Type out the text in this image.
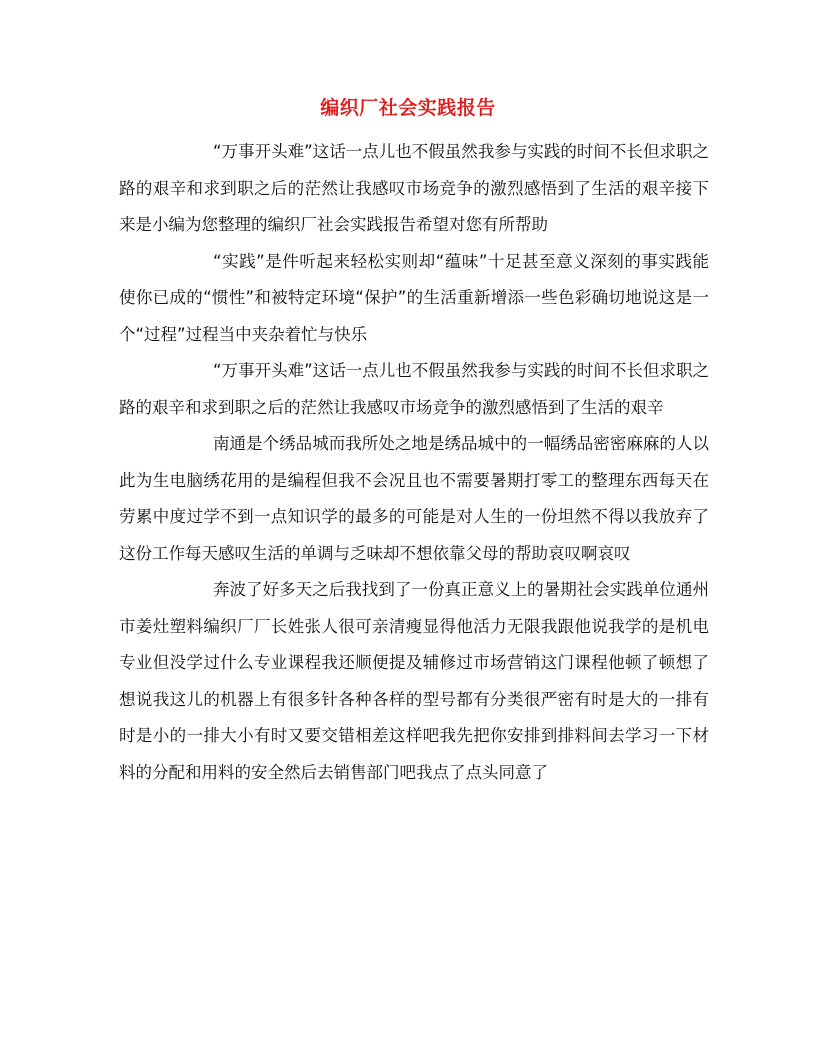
编织厂社会实践报告

“万事开头难”这话一点儿也不假虽然我参与实践的时间不长但求职之路的艰辛和求到职之后的茫然让我感叹市场竞争的激烈感悟到了生活的艰辛接下来是小编为您整理的编织厂社会实践报告希望对您有所帮助

“实践”是件听起来轻松实则却“蕴味”十足甚至意义深刻的事实践能使你已成的“惯性”和被特定环境“保护”的生活重新增添一些色彩确切地说这是一个“过程”过程当中夹杂着忙与快乐

“万事开头难”这话一点儿也不假虽然我参与实践的时间不长但求职之路的艰辛和求到职之后的茫然让我感叹市场竞争的激烈感悟到了生活的艰辛

南通是个绣品城而我所处之地是绣品城中的一幅绣品密密麻麻的人以此为生电脑绣花用的是编程但我不会况且也不需要暑期打零工的整理东西每天在劳累中度过学不到一点知识学的最多的可能是对人生的一份坦然不得以我放弃了这份工作每天感叹生活的单调与乏味却不想依靠父母的帮助哀叹啊哀叹

奔波了好多天之后我找到了一份真正意义上的暑期社会实践单位通州市姜灶塑料编织厂厂长姓张人很可亲清瘦显得他活力无限我跟他说我学的是机电专业但没学过什么专业课程我还顺便提及辅修过市场营销这门课程他顿了顿想了想说我这儿的机器上有很多针各种各样的型号都有分类很严密有时是大的一排有时是小的一排大小有时又要交错相差这样吧我先把你安排到排料间去学习一下材料的分配和用料的安全然后去销售部门吧我点了点头同意了
